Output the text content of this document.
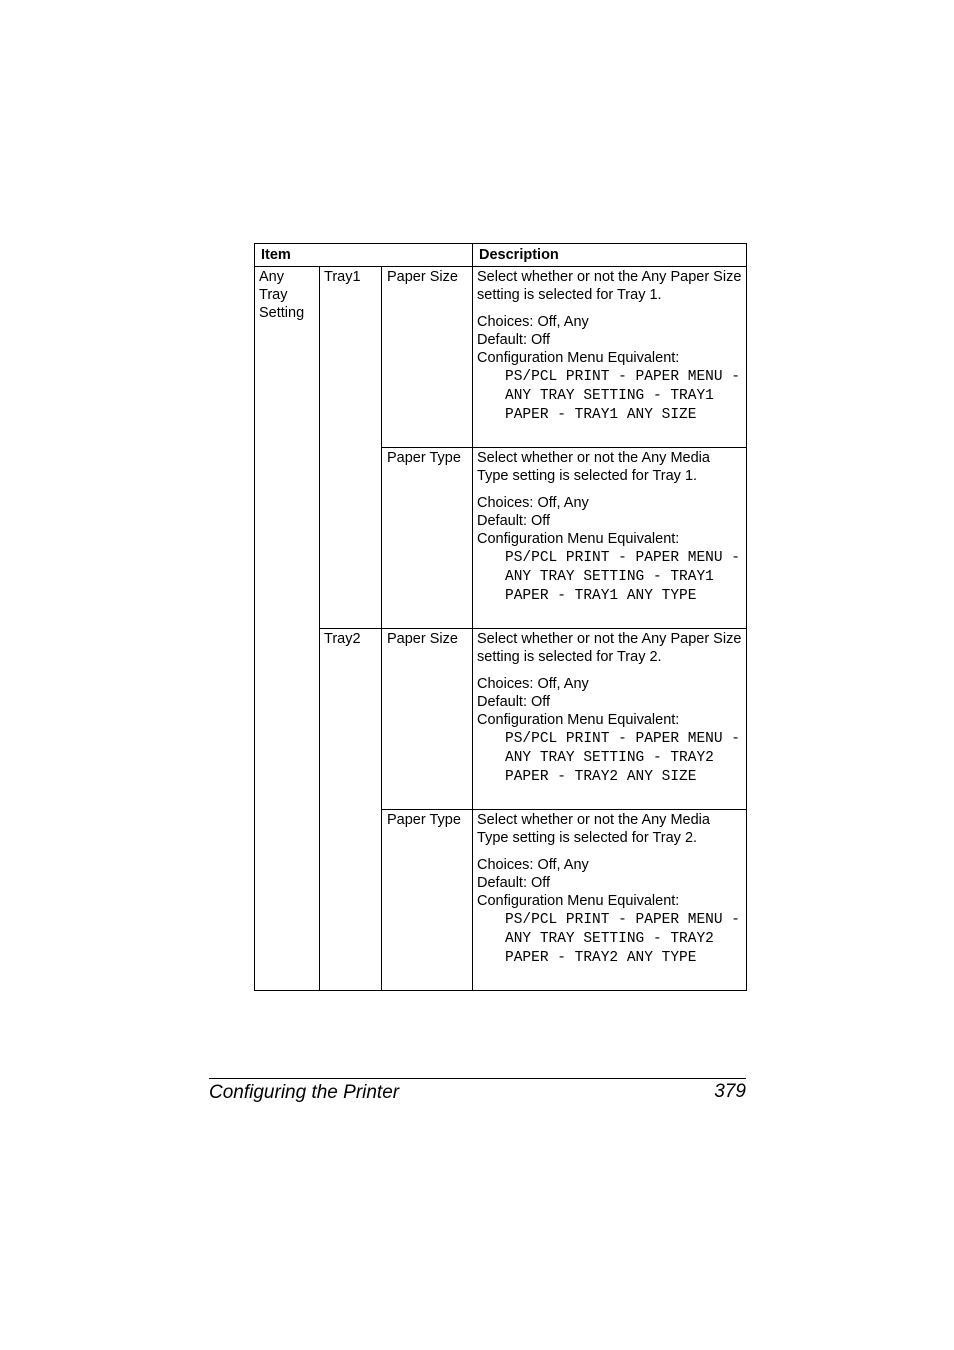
Item			Description
Any Tray Setting	Tray1	Paper Size	Select whether or not the Any Paper Size setting is selected for Tray 1.
Choices: Off, Any
Default: Off
Configuration Menu Equivalent:
PS/PCL PRINT - PAPER MENU - ANY TRAY SETTING - TRAY1 PAPER - TRAY1 ANY SIZE

		Paper Type	Select whether or not the Any Media Type setting is selected for Tray 1.
Choices: Off, Any
Default: Off
Configuration Menu Equivalent:
PS/PCL PRINT - PAPER MENU - ANY TRAY SETTING - TRAY1 PAPER - TRAY1 ANY TYPE

	Tray2	Paper Size	Select whether or not the Any Paper Size setting is selected for Tray 2.
Choices: Off, Any
Default: Off
Configuration Menu Equivalent:
PS/PCL PRINT - PAPER MENU - ANY TRAY SETTING - TRAY2 PAPER - TRAY2 ANY SIZE

		Paper Type	Select whether or not the Any Media Type setting is selected for Tray 2.
Choices: Off, Any
Default: Off
Configuration Menu Equivalent:
PS/PCL PRINT - PAPER MENU - ANY TRAY SETTING - TRAY2 PAPER - TRAY2 ANY TYPE
Configuring the Printer	379
